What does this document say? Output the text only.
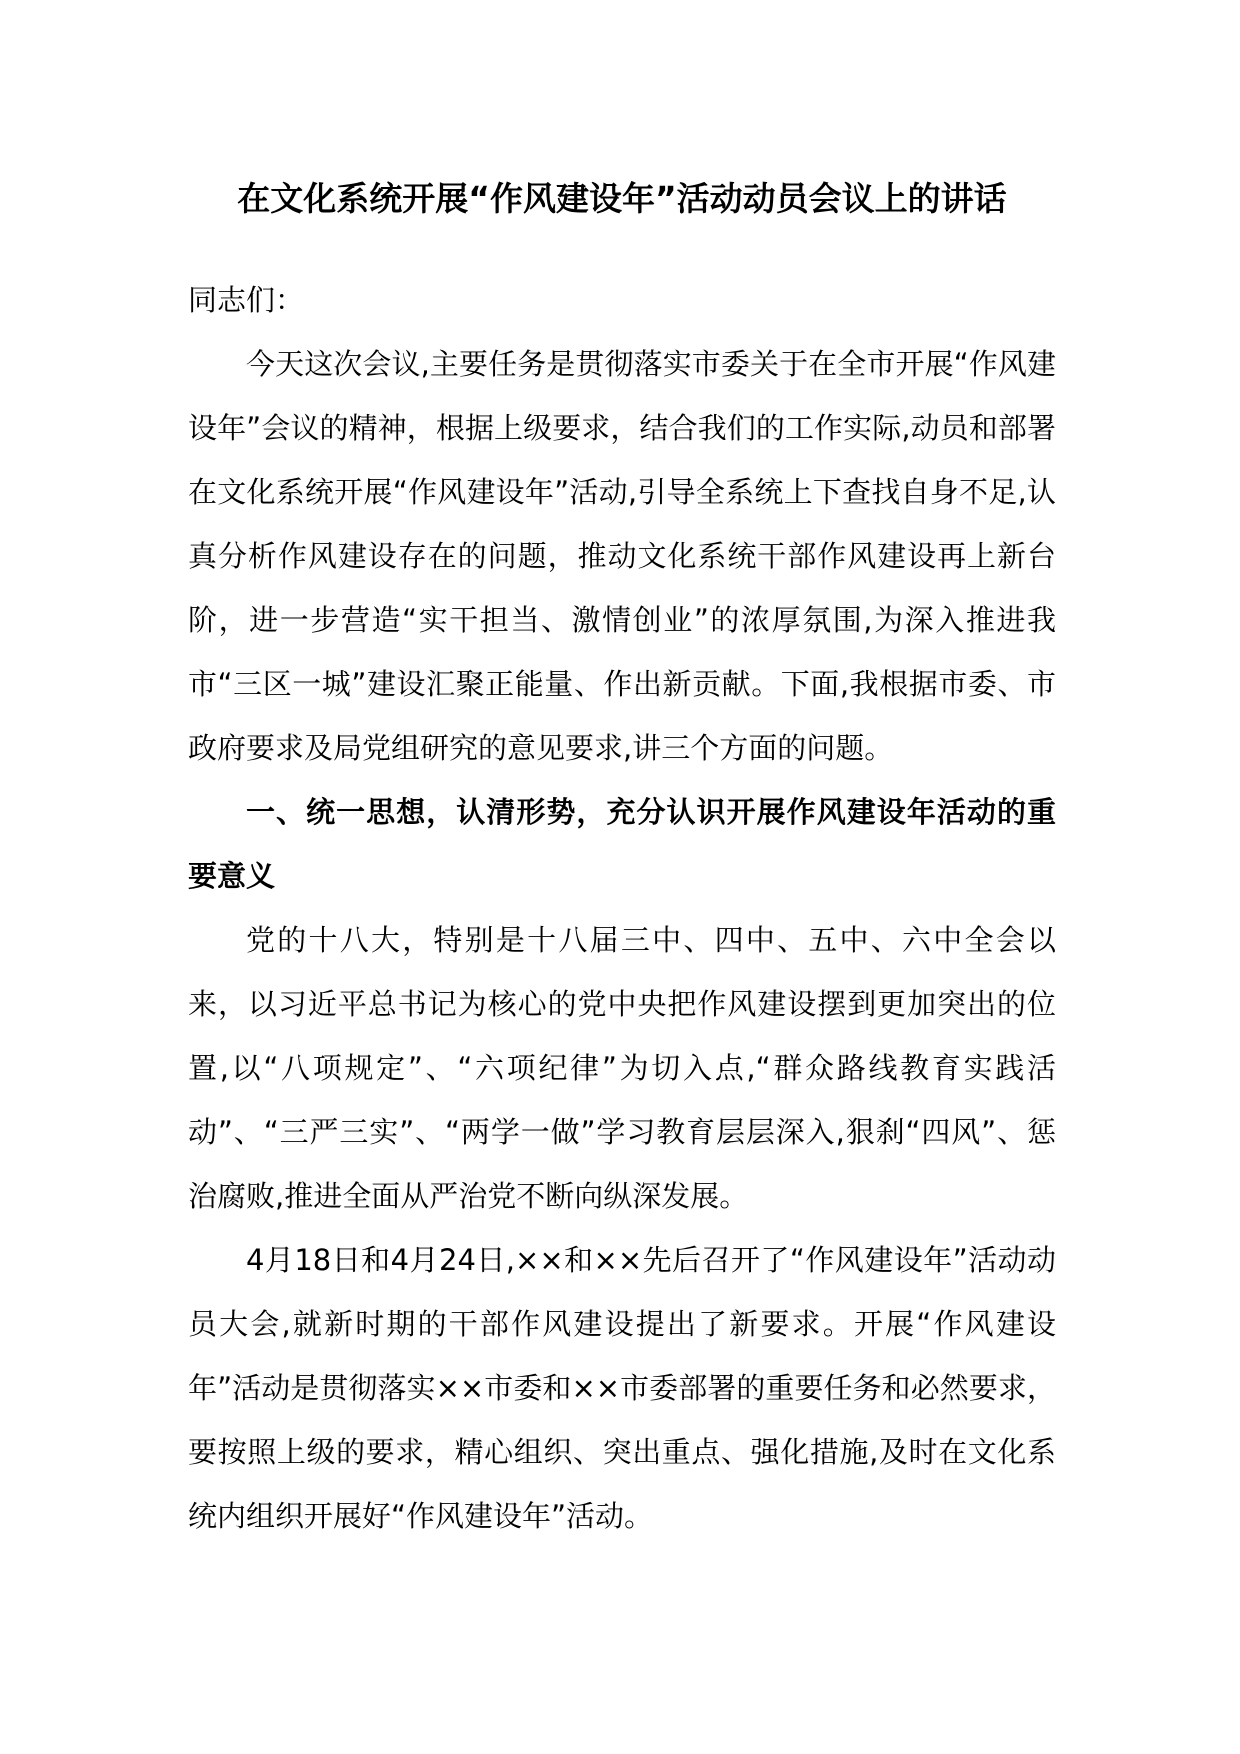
在文化系统开展“作风建设年”活动动员会议上的讲话

同志们：

今天这次会议,主要任务是贯彻落实市委关于在全市开展“作风建设年”会议的精神，根据上级要求，结合我们的工作实际,动员和部署在文化系统开展“作风建设年”活动,引导全系统上下查找自身不足,认真分析作风建设存在的问题，推动文化系统干部作风建设再上新台阶，进一步营造“实干担当、激情创业”的浓厚氛围,为深入推进我市“三区一城”建设汇聚正能量、作出新贡献。下面,我根据市委、市政府要求及局党组研究的意见要求,讲三个方面的问题。

一、统一思想，认清形势，充分认识开展作风建设年活动的重要意义

党的十八大，特别是十八届三中、四中、五中、六中全会以来，以习近平总书记为核心的党中央把作风建设摆到更加突出的位置,以“八项规定”、“六项纪律”为切入点,“群众路线教育实践活动”、“三严三实”、“两学一做”学习教育层层深入,狠刹“四风”、惩治腐败,推进全面从严治党不断向纵深发展。

4月18日和4月24日,××和××先后召开了“作风建设年”活动动员大会,就新时期的干部作风建设提出了新要求。开展“作风建设年”活动是贯彻落实××市委和××市委部署的重要任务和必然要求，要按照上级的要求，精心组织、突出重点、强化措施,及时在文化系统内组织开展好“作风建设年”活动。
